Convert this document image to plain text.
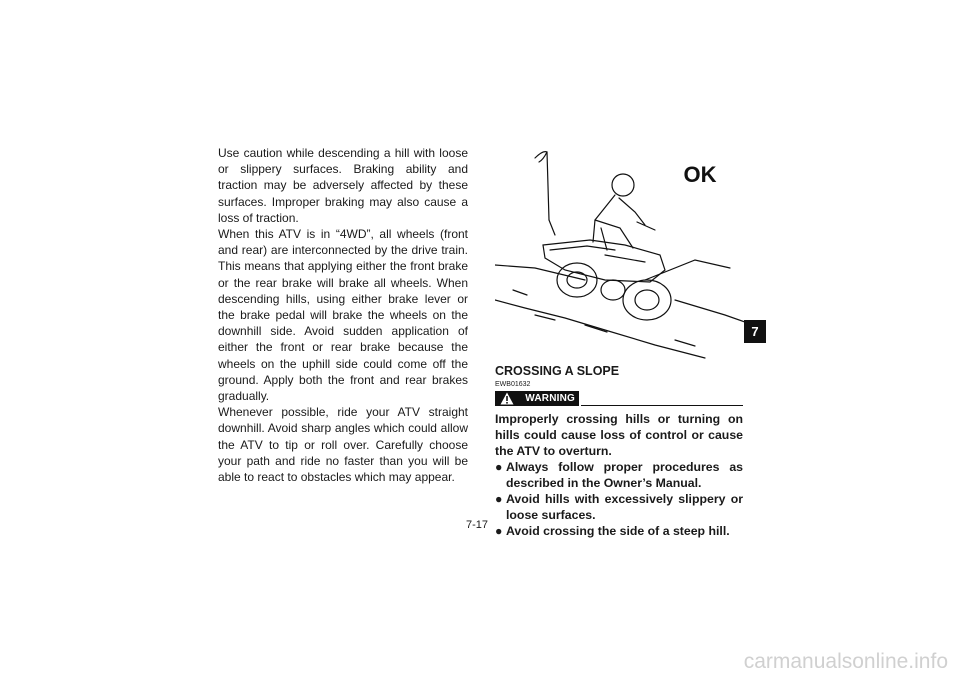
Use caution while descending a hill with loose or slippery surfaces. Braking ability and traction may be adversely affected by these surfaces. Improper braking may also cause a loss of traction.

When this ATV is in “4WD”, all wheels (front and rear) are interconnected by the drive train. This means that applying either the front brake or the rear brake will brake all wheels. When descending hills, using either brake lever or the brake pedal will brake the wheels on the downhill side. Avoid sudden application of either the front or rear brake because the wheels on the uphill side could come off the ground. Apply both the front and rear brakes gradually.

Whenever possible, ride your ATV straight downhill. Avoid sharp angles which could allow the ATV to tip or roll over. Carefully choose your path and ride no faster than you will be able to react to obstacles which may appear.

OK

CROSSING A SLOPE

EWB01632

WARNING

Improperly crossing hills or turning on hills could cause loss of control or cause the ATV to overturn.

● Always follow proper procedures as described in the Owner’s Manual.
● Avoid hills with excessively slippery or loose surfaces.
● Avoid crossing the side of a steep hill.
7
7-17
carmanualsonline.info
